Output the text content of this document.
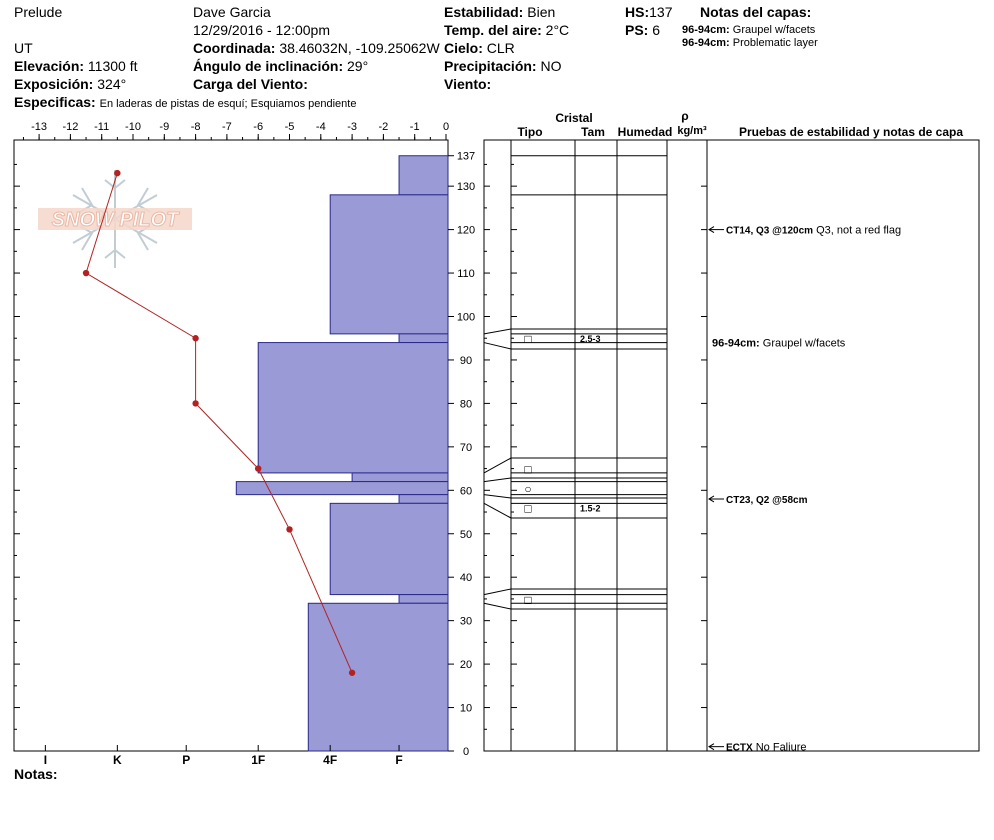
Prelude
UT
Elevación: 11300 ft
Exposición: 324°
Especificas: En laderas de pistas de esquí; Esquiamos pendiente
Dave Garcia
12/29/2016 - 12:00pm
Coordinada: 38.46032N, -109.25062W
Ángulo de inclinación: 29°
Carga del Viento:
Estabilidad: Bien
Temp. del aire: 2°C
Cielo: CLR
Precipitación: NO
Viento:
HS:137
PS: 6
Notas del capas:
96-94cm: Graupel w/facets
96-94cm: Problematic layer
Notas:
Cristal
Tipo	Tam Humedad
ρ
kg/m³	Pruebas de estabilidad y notas de capa
SNOW PILOT
-13 -12 -11 -10 -9 -8 -7 -6 -5 -4 -3 -2 -1 0
0
10
20
30
40
50
60
70
80
90
100
110
120
130
137
I	K	P	1F	4F	F
□	2.5-3
□
○
□	1.5-2
□
CT14, Q3 @120cm Q3, not a red flag
CT23, Q2 @58cm
ECTX No Faliure
96-94cm: Graupel w/facets
